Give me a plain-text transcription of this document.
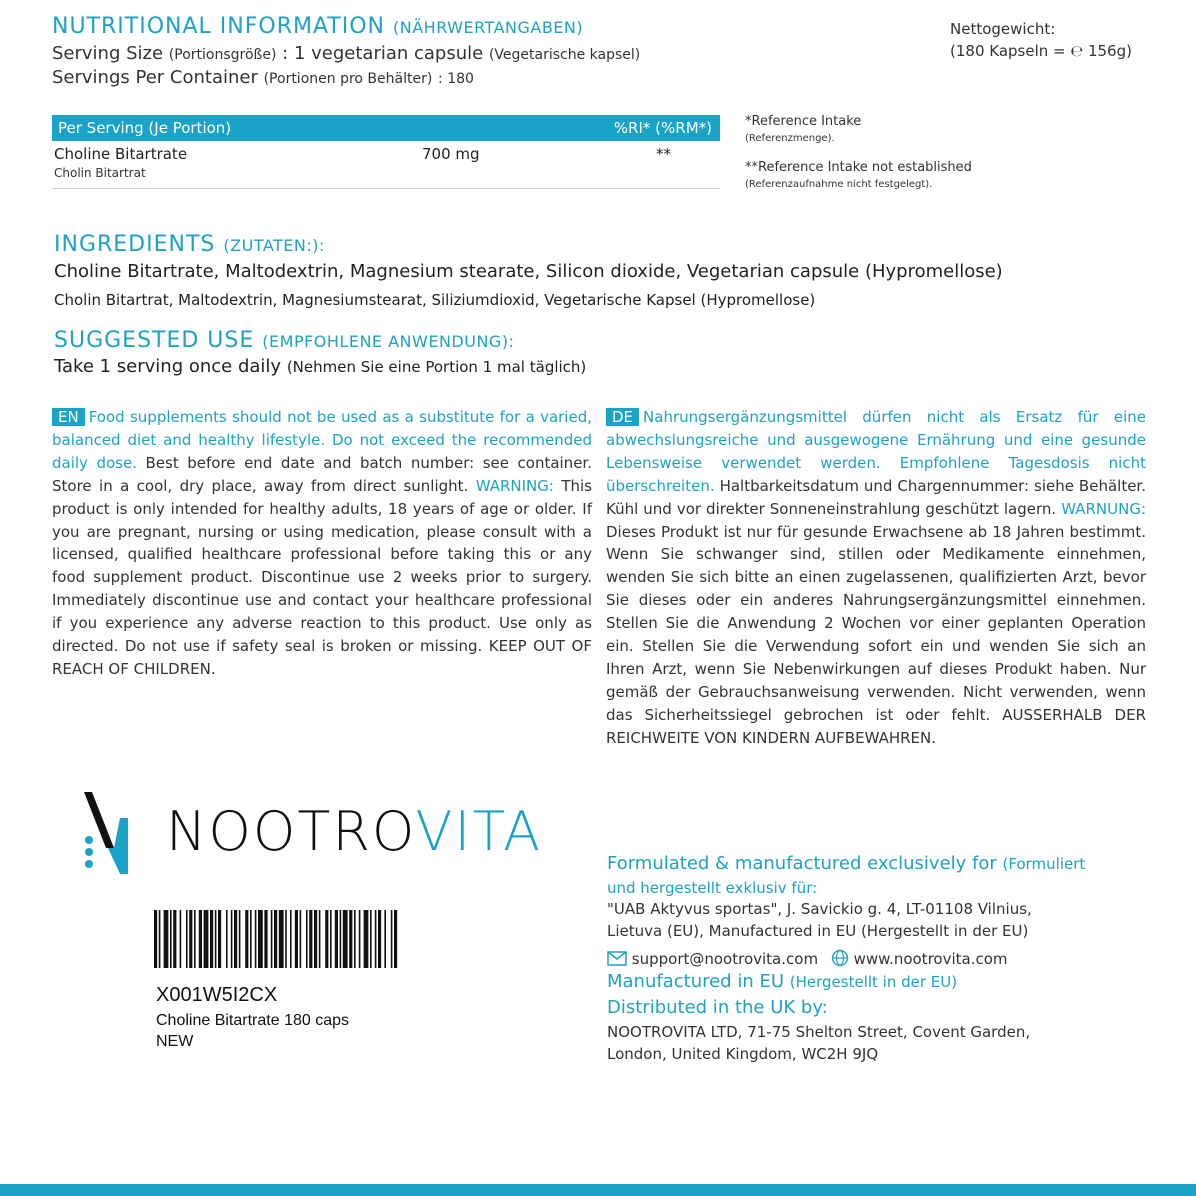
NUTRITIONAL INFORMATION (NÄHRWERTANGABEN)
Serving Size (Portionsgröße) : 1 vegetarian capsule (Vegetarische kapsel)
Servings Per Container (Portionen pro Behälter) : 180
Nettogewicht:
(180 Kapseln = ℮ 156g)
Per Serving (Je Portion)	%RI* (%RM*)
Choline Bitartrate
Cholin Bitartrat
700 mg	**
*Reference Intake
(Referenzmenge).
**Reference Intake not established
(Referenzaufnahme nicht festgelegt).
INGREDIENTS (ZUTATEN:):
Choline Bitartrate, Maltodextrin, Magnesium stearate, Silicon dioxide, Vegetarian capsule (Hypromellose)
Cholin Bitartrat, Maltodextrin, Magnesiumstearat, Siliziumdioxid, Vegetarische Kapsel (Hypromellose)
SUGGESTED USE (EMPFOHLENE ANWENDUNG):
Take 1 serving once daily (Nehmen Sie eine Portion 1 mal täglich)
EN Food supplements should not be used as a substitute for a varied, balanced diet and healthy lifestyle. Do not exceed the recommended daily dose. Best before end date and batch number: see container. Store in a cool, dry place, away from direct sunlight. WARNING: This product is only intended for healthy adults, 18 years of age or older. If you are pregnant, nursing or using medication, please consult with a licensed, qualified healthcare professional before taking this or any food supplement product. Discontinue use 2 weeks prior to surgery. Immediately discontinue use and contact your healthcare professional if you experience any adverse reaction to this product. Use only as directed. Do not use if safety seal is broken or missing. KEEP OUT OF REACH OF CHILDREN.
DE Nahrungsergänzungsmittel dürfen nicht als Ersatz für eine abwechslungsreiche und ausgewogene Ernährung und eine gesunde Lebensweise verwendet werden. Empfohlene Tagesdosis nicht überschreiten. Haltbarkeitsdatum und Chargennummer: siehe Behälter. Kühl und vor direkter Sonneneinstrahlung geschützt lagern. WARNUNG: Dieses Produkt ist nur für gesunde Erwachsene ab 18 Jahren bestimmt. Wenn Sie schwanger sind, stillen oder Medikamente einnehmen, wenden Sie sich bitte an einen zugelassenen, qualifizierten Arzt, bevor Sie dieses oder ein anderes Nahrungsergänzungsmittel einnehmen. Stellen Sie die Anwendung 2 Wochen vor einer geplanten Operation ein. Stellen Sie die Verwendung sofort ein und wenden Sie sich an Ihren Arzt, wenn Sie Nebenwirkungen auf dieses Produkt haben. Nur gemäß der Gebrauchsanweisung verwenden. Nicht verwenden, wenn das Sicherheitssiegel gebrochen ist oder fehlt. AUSSERHALB DER REICHWEITE VON KINDERN AUFBEWAHREN.
NOOTROVITA
X001W5I2CX
Choline Bitartrate 180 caps
NEW
Formulated & manufactured exclusively for (Formuliert
und hergestellt exklusiv für:
"UAB Aktyvus sportas", J. Savickio g. 4, LT-01108 Vilnius,
Lietuva (EU), Manufactured in EU (Hergestellt in der EU)
support@nootrovita.com www.nootrovita.com
Manufactured in EU (Hergestellt in der EU)
Distributed in the UK by:
NOOTROVITA LTD, 71-75 Shelton Street, Covent Garden,
London, United Kingdom, WC2H 9JQ
